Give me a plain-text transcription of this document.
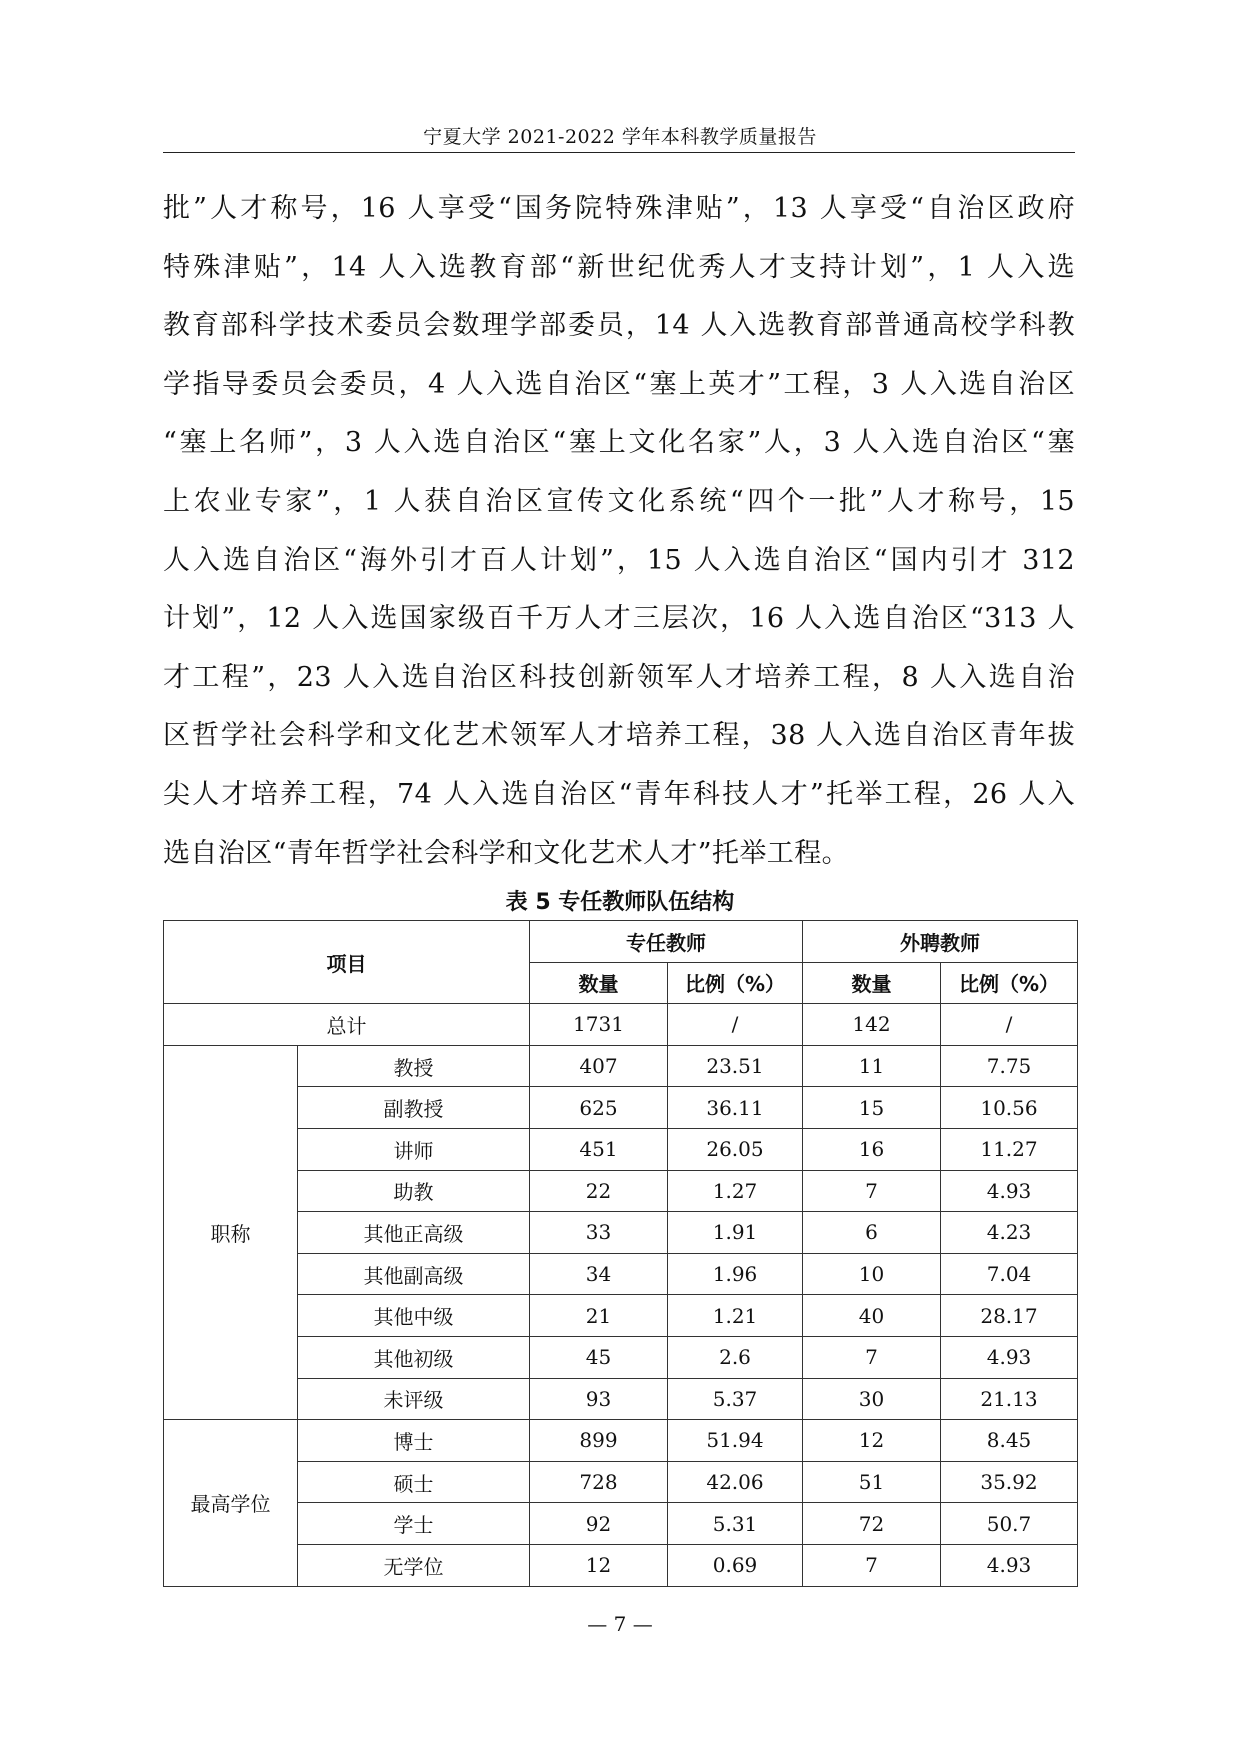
宁夏大学 2021-2022 学年本科教学质量报告
批”人才称号，16 人享受“国务院特殊津贴”，13 人享受“自治区政府
特殊津贴”，14 人入选教育部“新世纪优秀人才支持计划”，1 人入选
教育部科学技术委员会数理学部委员，14 人入选教育部普通高校学科教
学指导委员会委员，4 人入选自治区“塞上英才”工程，3 人入选自治区
“塞上名师”，3 人入选自治区“塞上文化名家”人，3 人入选自治区“塞
上农业专家”，1 人获自治区宣传文化系统“四个一批”人才称号，15
人入选自治区“海外引才百人计划”，15 人入选自治区“国内引才 312
计划”，12 人入选国家级百千万人才三层次，16 人入选自治区“313 人
才工程”，23 人入选自治区科技创新领军人才培养工程，8 人入选自治
区哲学社会科学和文化艺术领军人才培养工程，38 人入选自治区青年拔
尖人才培养工程，74 人入选自治区“青年科技人才”托举工程，26 人入
选自治区“青年哲学社会科学和文化艺术人才”托举工程。
表 5 专任教师队伍结构
项目		专任教师		外聘教师	
		数量	比例（%）	数量	比例（%）
总计		1731	/	142	/
职称	教授	407	23.51	11	7.75
	副教授	625	36.11	15	10.56
	讲师	451	26.05	16	11.27
	助教	22	1.27	7	4.93
	其他正高级	33	1.91	6	4.23
	其他副高级	34	1.96	10	7.04
	其他中级	21	1.21	40	28.17
	其他初级	45	2.6	7	4.93
	未评级	93	5.37	30	21.13
最高学位	博士	899	51.94	12	8.45
	硕士	728	42.06	51	35.92
	学士	92	5.31	72	50.7
	无学位	12	0.69	7	4.93
— 7 —
